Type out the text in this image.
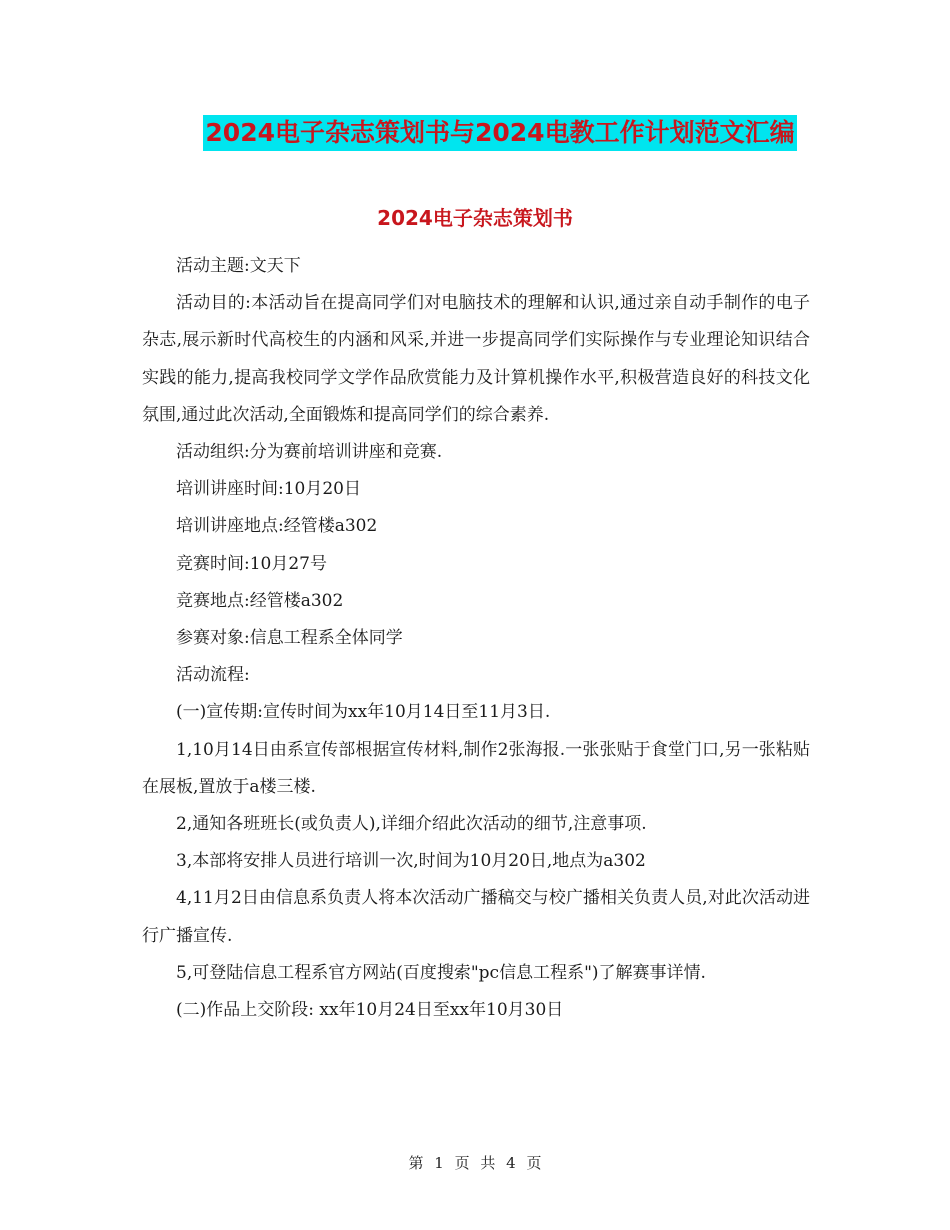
2024电子杂志策划书与2024电教工作计划范文汇编
2024电子杂志策划书

活动主题:文天下

活动目的:本活动旨在提高同学们对电脑技术的理解和认识,通过亲自动手制作的电子杂志,展示新时代高校生的内涵和风采,并进一步提高同学们实际操作与专业理论知识结合实践的能力,提高我校同学文学作品欣赏能力及计算机操作水平,积极营造良好的科技文化氛围,通过此次活动,全面锻炼和提高同学们的综合素养.

活动组织:分为赛前培训讲座和竞赛.

培训讲座时间:10月20日

培训讲座地点:经管楼a302

竞赛时间:10月27号

竞赛地点:经管楼a302

参赛对象:信息工程系全体同学

活动流程:

(一)宣传期:宣传时间为xx年10月14日至11月3日.

1,10月14日由系宣传部根据宣传材料,制作2张海报.一张张贴于食堂门口,另一张粘贴在展板,置放于a楼三楼.

2,通知各班班长(或负责人),详细介绍此次活动的细节,注意事项.

3,本部将安排人员进行培训一次,时间为10月20日,地点为a302

4,11月2日由信息系负责人将本次活动广播稿交与校广播相关负责人员,对此次活动进行广播宣传.

5,可登陆信息工程系官方网站(百度搜索"pc信息工程系")了解赛事详情.

(二)作品上交阶段: xx年10月24日至xx年10月30日

第 1 页 共 4 页
